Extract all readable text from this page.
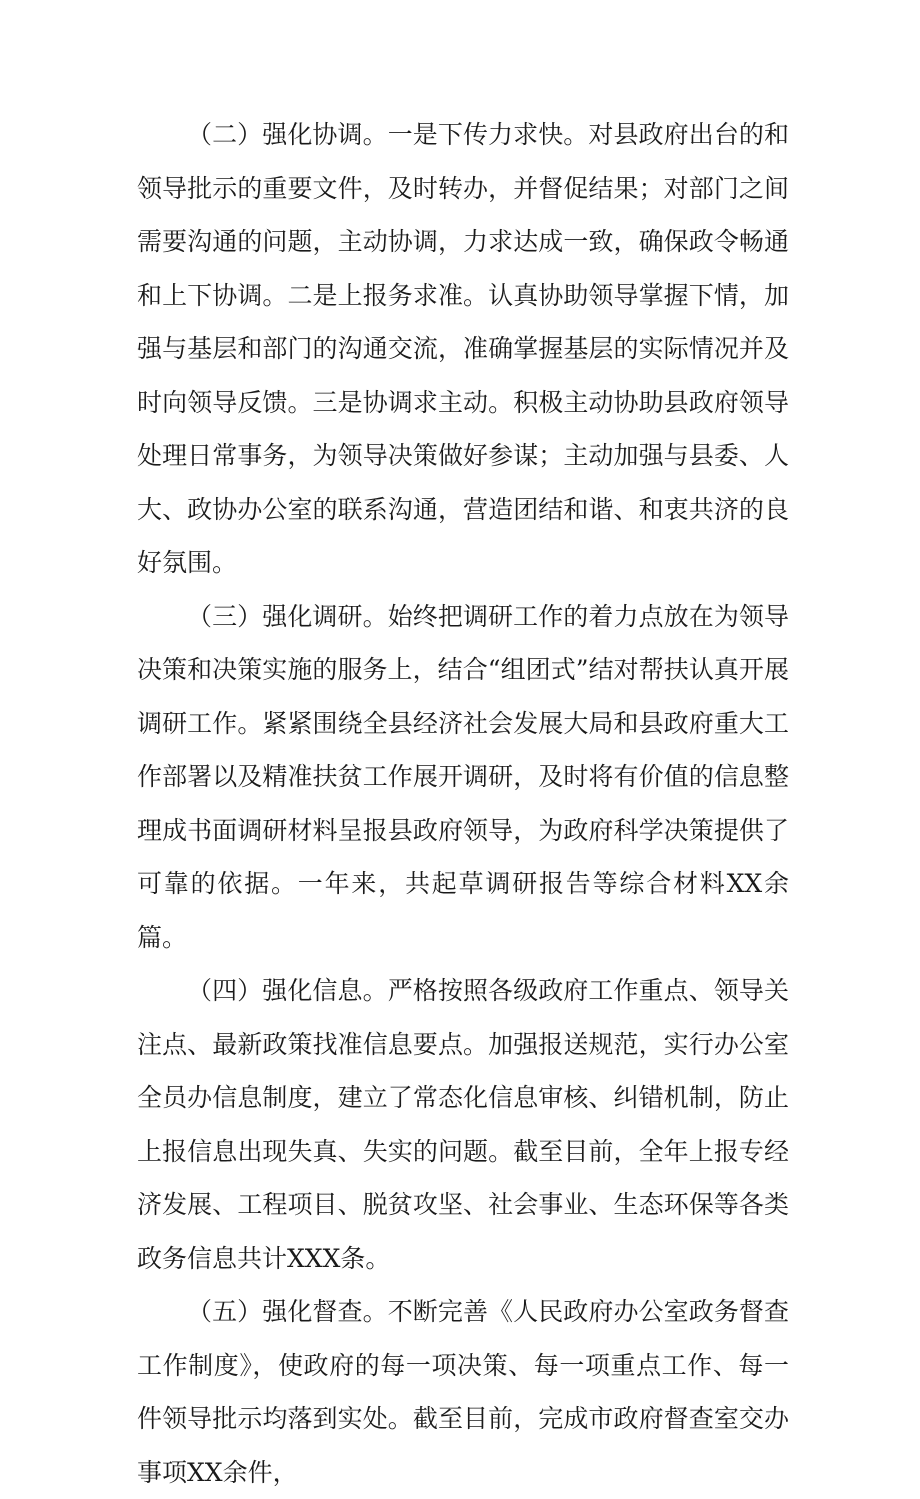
（二）强化协调。一是下传力求快。对县政府出台的和领导批示的重要文件，及时转办，并督促结果；对部门之间需要沟通的问题，主动协调，力求达成一致，确保政令畅通和上下协调。二是上报务求准。认真协助领导掌握下情，加强与基层和部门的沟通交流，准确掌握基层的实际情况并及时向领导反馈。三是协调求主动。积极主动协助县政府领导处理日常事务，为领导决策做好参谋；主动加强与县委、人大、政协办公室的联系沟通，营造团结和谐、和衷共济的良好氛围。

（三）强化调研。始终把调研工作的着力点放在为领导决策和决策实施的服务上，结合“组团式”结对帮扶认真开展调研工作。紧紧围绕全县经济社会发展大局和县政府重大工作部署以及精准扶贫工作展开调研，及时将有价值的信息整理成书面调研材料呈报县政府领导，为政府科学决策提供了可靠的依据。一年来，共起草调研报告等综合材料XX余篇。

（四）强化信息。严格按照各级政府工作重点、领导关注点、最新政策找准信息要点。加强报送规范，实行办公室全员办信息制度，建立了常态化信息审核、纠错机制，防止上报信息出现失真、失实的问题。截至目前，全年上报专经济发展、工程项目、脱贫攻坚、社会事业、生态环保等各类政务信息共计XXX条。

（五）强化督查。不断完善《人民政府办公室政务督查工作制度》，使政府的每一项决策、每一项重点工作、每一件领导批示均落到实处。截至目前，完成市政府督查室交办事项XX余件，
